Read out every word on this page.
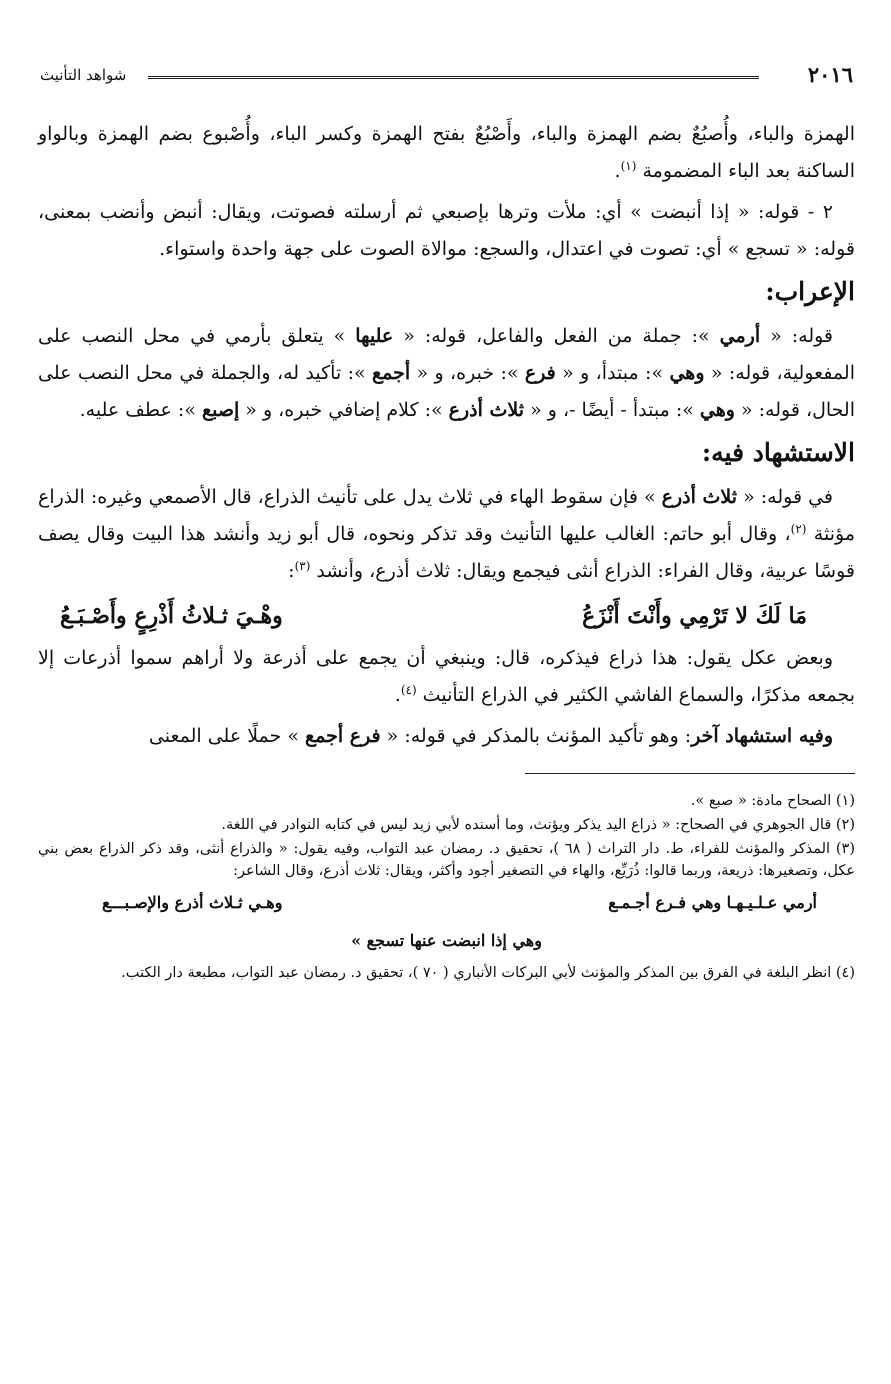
٢٠١٦
شواهد التأنيث

الهمزة والباء، وأُصبُعٌ بضم الهمزة والباء، وأَصْبُعٌ بفتح الهمزة وكسر الباء، وأُصْبوع بضم الهمزة وبالواو الساكنة بعد الباء المضمومة $^{(١)}$.

٢ - قوله: « إذا أنبضت » أي: ملأت وترها بإصبعي ثم أرسلته فصوتت، ويقال: أنبض وأنضب بمعنى، قوله: « تسجع » أي: تصوت في اعتدال، والسجع: موالاة الصوت على جهة واحدة واستواء.

الإعراب:

قوله: « أرمي »: جملة من الفعل والفاعل، قوله: « عليها » يتعلق بأرمي في محل النصب على المفعولية، قوله: « وهي »: مبتدأ، و « فرع »: خبره، و « أجمع »: تأكيد له، والجملة في محل النصب على الحال، قوله: « وهي »: مبتدأ - أيضًا -، و « ثلاث أذرع »: كلام إضافي خبره، و « إصبع »: عطف عليه.

الاستشهاد فيه:

في قوله: « ثلاث أذرع » فإن سقوط الهاء في ثلاث يدل على تأنيث الذراع، قال الأصمعي وغيره: الذراع مؤنثة $^{(٢)}$، وقال أبو حاتم: الغالب عليها التأنيث وقد تذكر ونحوه، قال أبو زيد وأنشد هذا البيت وقال يصف قوسًا عربية، وقال الفراء: الذراع أنثى فيجمع ويقال: ثلاث أذرع، وأنشد $^{(٣)}$:

مَا لَكَ لا تَرْمِي وأَنْتَ أَنْزَعُ
وهْـيَ ثـلاثُ أَذْرِعٍ وأَصْـبَـعُ

وبعض عكل يقول: هذا ذراع فيذكره، قال: وينبغي أن يجمع على أذرعة ولا أراهم سموا أذرعات إلا بجمعه مذكرًا، والسماع الفاشي الكثير في الذراع التأنيث $^{(٤)}$.

وفيه استشهاد آخر: وهو تأكيد المؤنث بالمذكر في قوله: « فرع أجمع » حملًا على المعنى

(١) الصحاح مادة: « صبع ».

(٢) قال الجوهري في الصحاح: « ذراع اليد يذكر ويؤنث، وما أسنده لأبي زيد ليس في كتابه النوادر في اللغة.

(٣) المذكر والمؤنث للفراء، ط. دار التراث ( ٦٨ )، تحقيق د. رمضان عبد التواب، وفيه يقول: « والذراع أنثى، وقد ذكر الذراع بعض بني عكل، وتصغيرها: ذريعة، وربما قالوا: ذُرَيِّع، والهاء في التصغير أجود وأكثر، ويقال: ثلاث أذرع، وقال الشاعر:

أرمي عـلـيـهـا وهي فـرع أجـمـع
وهـي ثـلاث أذرع والإصـبـــع
وهي إذا انبضت عنها تسجع »

(٤) انظر البلغة في الفرق بين المذكر والمؤنث لأبي البركات الأنباري ( ٧٠ )، تحقيق د. رمضان عبد التواب، مطبعة دار الكتب.
